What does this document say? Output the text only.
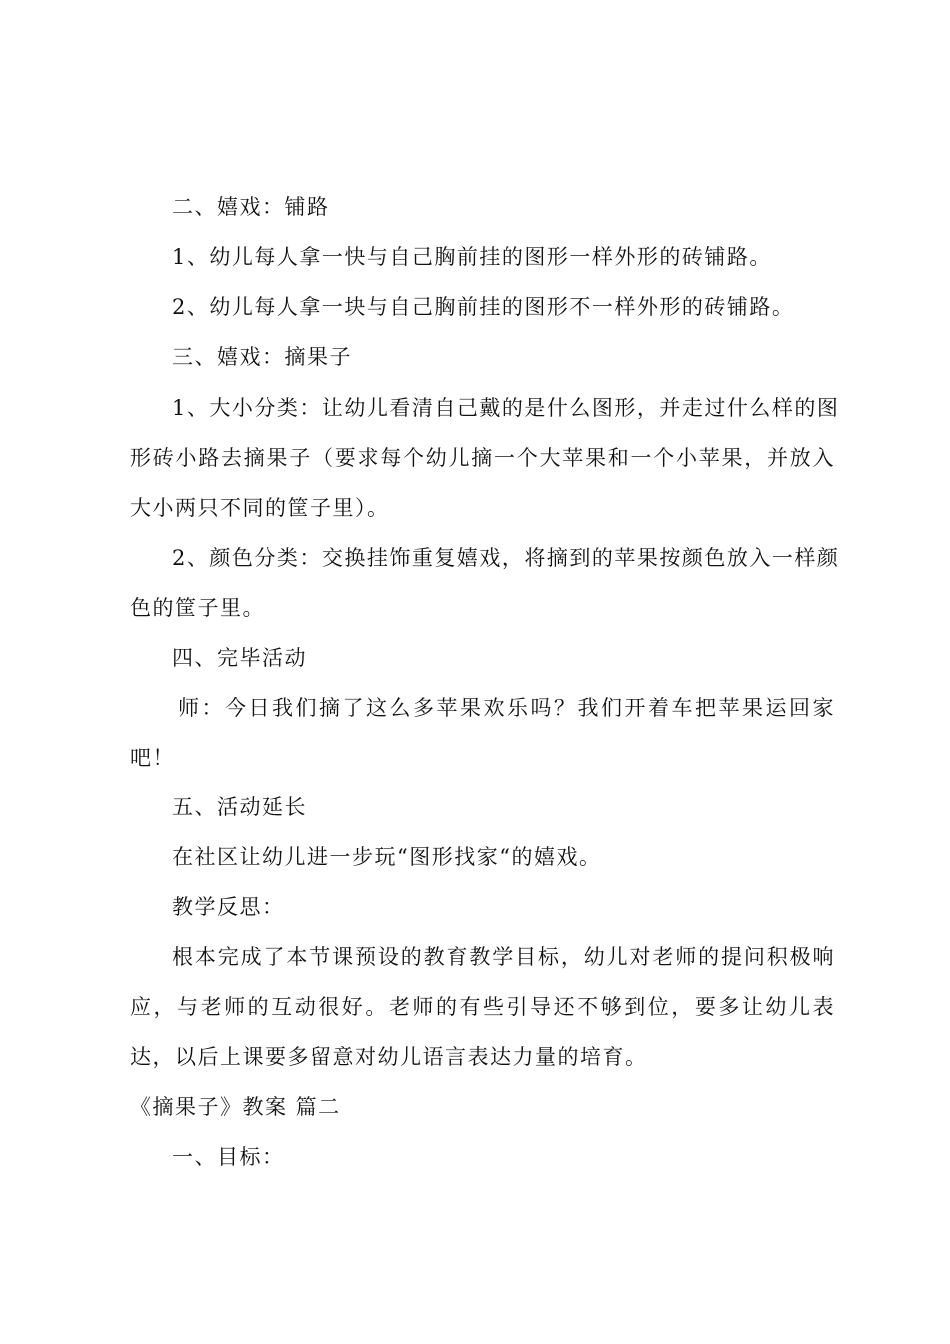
二、嬉戏：铺路
1、幼儿每人拿一快与自己胸前挂的图形一样外形的砖铺路。
2、幼儿每人拿一块与自己胸前挂的图形不一样外形的砖铺路。
三、嬉戏：摘果子
1、大小分类：让幼儿看清自己戴的是什么图形，并走过什么样的图
形砖小路去摘果子（要求每个幼儿摘一个大苹果和一个小苹果，并放入
大小两只不同的筐子里）。
2、颜色分类：交换挂饰重复嬉戏，将摘到的苹果按颜色放入一样颜
色的筐子里。
四、完毕活动
师：今日我们摘了这么多苹果欢乐吗？我们开着车把苹果运回家
吧！
五、活动延长
在社区让幼儿进一步玩“图形找家“的嬉戏。
教学反思：
根本完成了本节课预设的教育教学目标，幼儿对老师的提问积极响
应，与老师的互动很好。老师的有些引导还不够到位，要多让幼儿表
达，以后上课要多留意对幼儿语言表达力量的培育。
《摘果子》教案 篇二
一、目标：
